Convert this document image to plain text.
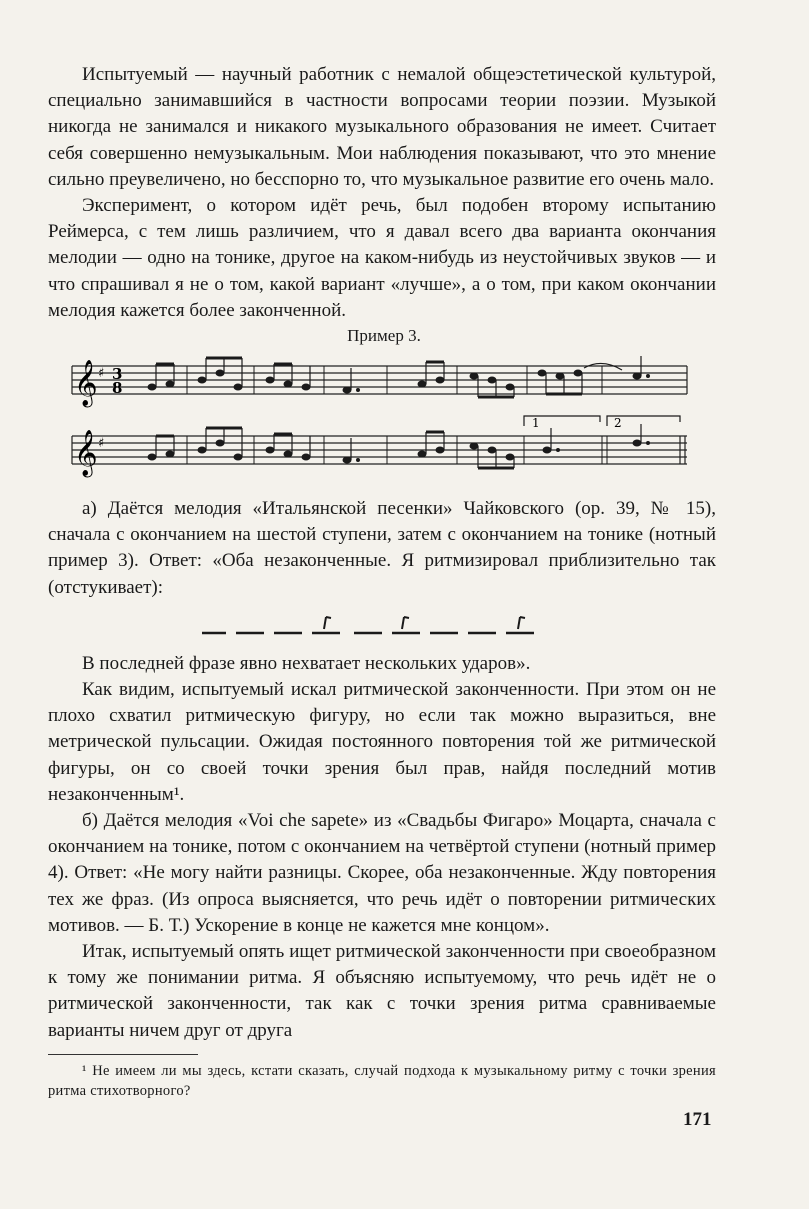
Испытуемый — научный работник с немалой общеэстетической культурой, специально занимавшийся в частности вопросами теории поэзии. Музыкой никогда не занимался и никакого музыкального образования не имеет. Считает себя совершенно немузыкальным. Мои наблюдения показывают, что это мнение сильно преувеличено, но бесспорно то, что музыкальное развитие его очень мало.

Эксперимент, о котором идёт речь, был подобен второму испытанию Реймерса, с тем лишь различием, что я давал всего два варианта окончания мелодии — одно на тонике, другое на каком-нибудь из неустойчивых звуков — и что спрашивал я не о том, какой вариант «лучше», а о том, при каком окончании мелодия кажется более законченной.

Пример 3.
𝄞 ♯ 3
8
𝄞 ♯
1	2

а) Даётся мелодия «Итальянской песенки» Чайковского (ор. 39, № 15), сначала с окончанием на шестой ступени, затем с окончанием на тонике (нотный пример 3). Ответ: «Оба незаконченные. Я ритмизировал приблизительно так (отстукивает):

В последней фразе явно нехватает нескольких ударов».

Как видим, испытуемый искал ритмической законченности. При этом он не плохо схватил ритмическую фигуру, но если так можно выразиться, вне метрической пульсации. Ожидая постоянного повторения той же ритмической фигуры, он со своей точки зрения был прав, найдя последний мотив незаконченным¹.

б) Даётся мелодия «Voi che sapete» из «Свадьбы Фигаро» Моцарта, сначала с окончанием на тонике, потом с окончанием на четвёртой ступени (нотный пример 4). Ответ: «Не могу найти разницы. Скорее, оба незаконченные. Жду повторения тех же фраз. (Из опроса выясняется, что речь идёт о повторении ритмических мотивов. — Б. Т.) Ускорение в конце не кажется мне концом».

Итак, испытуемый опять ищет ритмической законченности при своеобразном к тому же понимании ритма. Я объясняю испытуемому, что речь идёт не о ритмической законченности, так как с точки зрения ритма сравниваемые варианты ничем друг от друга

¹ Не имеем ли мы здесь, кстати сказать, случай подхода к музыкальному ритму с точки зрения ритма стихотворного?

171
